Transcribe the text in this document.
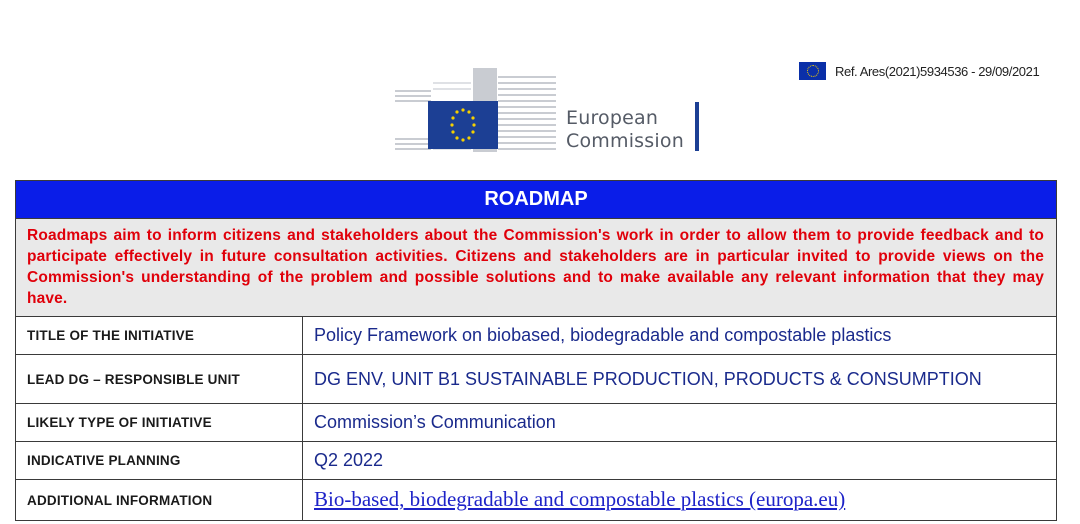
Ref. Ares(2021)5934536 - 29/09/2021
European
Commission
ROADMAP	
Roadmaps aim to inform citizens and stakeholders about the Commission's work in order to allow them to provide feedback and to participate effectively in future consultation activities. Citizens and stakeholders are in particular invited to provide views on the Commission's understanding of the problem and possible solutions and to make available any relevant information that they may have.	
TITLE OF THE INITIATIVE	Policy Framework on biobased, biodegradable and compostable plastics
LEAD DG – RESPONSIBLE UNIT	DG ENV, UNIT B1 SUSTAINABLE PRODUCTION, PRODUCTS & CONSUMPTION
LIKELY TYPE OF INITIATIVE	Commission’s Communication
INDICATIVE PLANNING	Q2 2022
ADDITIONAL INFORMATION	Bio-based, biodegradable and compostable plastics (europa.eu)
